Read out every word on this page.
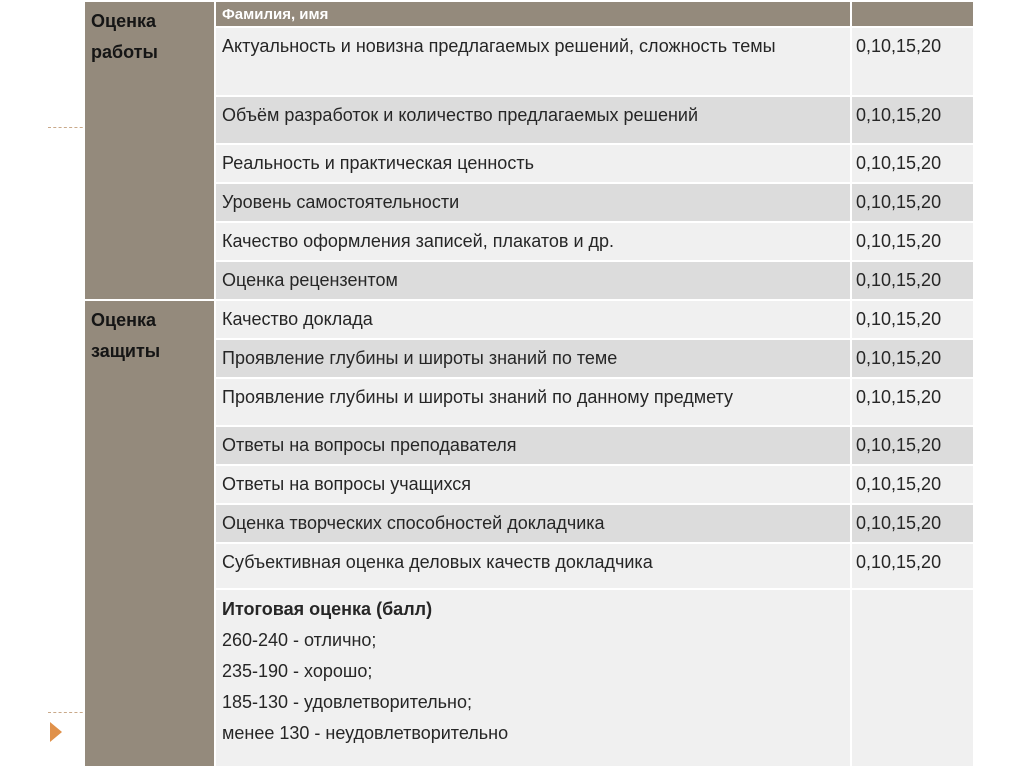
Оценка работы	Фамилия, имя	
	Актуальность и новизна предлагаемых решений, сложность темы	0,10,15,20
	Объём разработок и количество предлагаемых решений	0,10,15,20
	Реальность и практическая ценность	0,10,15,20
	Уровень самостоятельности	0,10,15,20
	Качество оформления записей, плакатов и др.	0,10,15,20
	Оценка рецензентом	0,10,15,20
Оценка защиты	Качество доклада	0,10,15,20
	Проявление глубины и широты знаний по теме	0,10,15,20
	Проявление глубины и широты знаний по данному предмету	0,10,15,20
	Ответы на вопросы преподавателя	0,10,15,20
	Ответы на вопросы учащихся	0,10,15,20
	Оценка творческих способностей докладчика	0,10,15,20
	Субъективная оценка деловых качеств докладчика	0,10,15,20

	Итоговая оценка (балл)
260-240 - отлично;
235-190 - хорошо;
185-130 - удовлетворительно;
менее 130 - неудовлетворительно	
